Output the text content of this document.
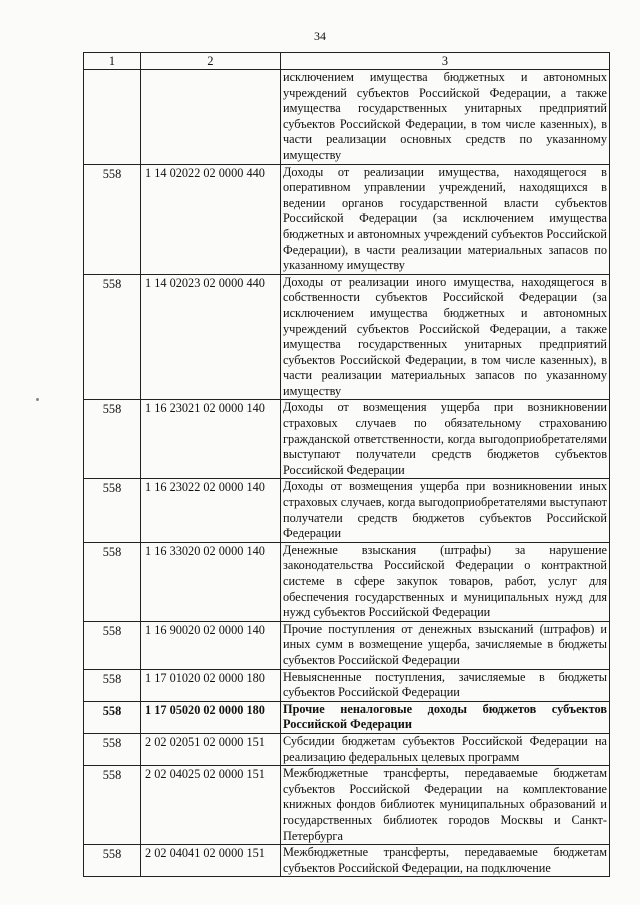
34
1	2	3
		исключением имущества бюджетных и автономных учреждений субъектов Российской Федерации, а также имущества государственных унитарных предприятий субъектов Российской Федерации, в том числе казенных), в части реализации основных средств по указанному имуществу
558	1 14 02022 02 0000 440	Доходы от реализации имущества, находящегося в оперативном управлении учреждений, находящихся в ведении органов государственной власти субъектов Российской Федерации (за исключением имущества бюджетных и автономных учреждений субъектов Российской Федерации), в части реализации материальных запасов по указанному имуществу
558	1 14 02023 02 0000 440	Доходы от реализации иного имущества, находящегося в собственности субъектов Российской Федерации (за исключением имущества бюджетных и автономных учреждений субъектов Российской Федерации, а также имущества государственных унитарных предприятий субъектов Российской Федерации, в том числе казенных), в части реализации материальных запасов по указанному имуществу
558	1 16 23021 02 0000 140	Доходы от возмещения ущерба при возникновении страховых случаев по обязательному страхованию гражданской ответственности, когда выгодоприобретателями выступают получатели средств бюджетов субъектов Российской Федерации
558	1 16 23022 02 0000 140	Доходы от возмещения ущерба при возникновении иных страховых случаев, когда выгодоприобретателями выступают получатели средств бюджетов субъектов Российской Федерации
558	1 16 33020 02 0000 140	Денежные взыскания (штрафы) за нарушение законодательства Российской Федерации о контрактной системе в сфере закупок товаров, работ, услуг для обеспечения государственных и муниципальных нужд для нужд субъектов Российской Федерации
558	1 16 90020 02 0000 140	Прочие поступления от денежных взысканий (штрафов) и иных сумм в возмещение ущерба, зачисляемые в бюджеты субъектов Российской Федерации
558	1 17 01020 02 0000 180	Невыясненные поступления, зачисляемые в бюджеты субъектов Российской Федерации
558	1 17 05020 02 0000 180	Прочие неналоговые доходы бюджетов субъектов Российской Федерации
558	2 02 02051 02 0000 151	Субсидии бюджетам субъектов Российской Федерации на реализацию федеральных целевых программ
558	2 02 04025 02 0000 151	Межбюджетные трансферты, передаваемые бюджетам субъектов Российской Федерации на комплектование книжных фондов библиотек муниципальных образований и государственных библиотек городов Москвы и Санкт-Петербурга
558	2 02 04041 02 0000 151	Межбюджетные трансферты, передаваемые бюджетам субъектов Российской Федерации, на подключение
